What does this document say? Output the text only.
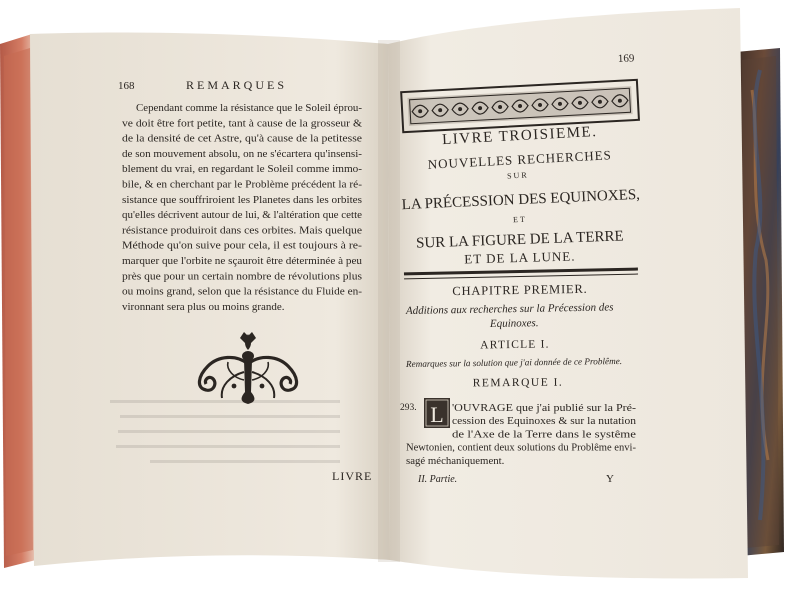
168	REMARQUES
Cependant comme la résistance que le Soleil éprou-
ve doit être fort petite, tant à cause de la grosseur &
de la densité de cet Astre, qu'à cause de la petitesse
de son mouvement absolu, on ne s'écartera qu'insensi-
blement du vrai, en regardant le Soleil comme immo-
bile, & en cherchant par le Problème précédent la ré-
sistance que souffriroient les Planetes dans les orbites
qu'elles décrivent autour de lui, & l'altération que cette
résistance produiroit dans ces orbites. Mais quelque
Méthode qu'on suive pour cela, il est toujours à re-
marquer que l'orbite ne sçauroit être déterminée à peu
près que pour un certain nombre de révolutions plus
ou moins grand, selon que la résistance du Fluide en-
vironnant sera plus ou moins grande.
LIVRE
169
LIVRE TROISIEME.
NOUVELLES RECHERCHES
SUR
LA PRÉCESSION DES EQUINOXES,
ET
SUR LA FIGURE DE LA TERRE
ET DE LA LUNE.
CHAPITRE PREMIER.
Additions aux recherches sur la Précession des
Equinoxes.
ARTICLE I.
Remarques sur la solution que j'ai donnée de ce Problême.
REMARQUE I.
293. L 'OUVRAGE que j'ai publié sur la Pré-
cession des Equinoxes & sur la nutation
de l'Axe de la Terre dans le systême
Newtonien, contient deux solutions du Problême envi-
sagé méchaniquement.
II. Partie.	Y
